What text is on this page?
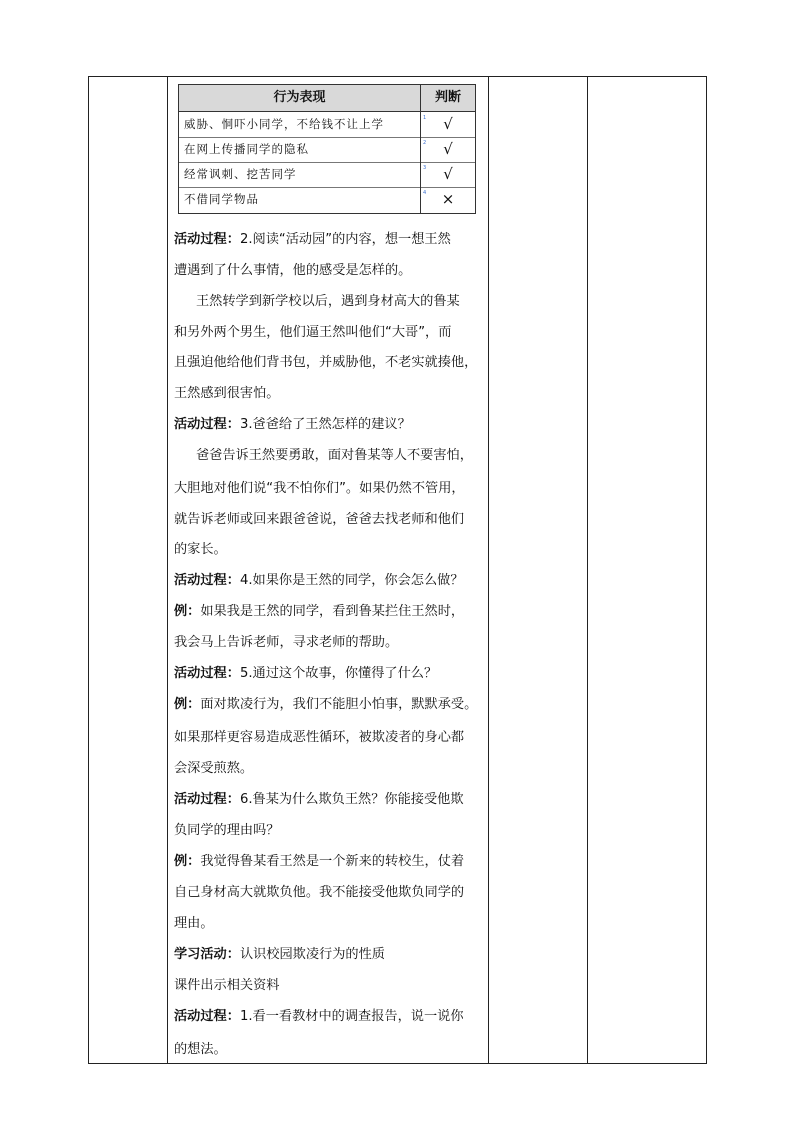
行为表现	判断
威胁、恫吓小同学，不给钱不让上学	1	√
在网上传播同学的隐私	2	√
经常讽刺、挖苦同学	3	√
不借同学物品	4	×
活动过程：2.阅读“活动园”的内容，想一想王然
遭遇到了什么事情，他的感受是怎样的。
王然转学到新学校以后，遇到身材高大的鲁某
和另外两个男生，他们逼王然叫他们“大哥”，而
且强迫他给他们背书包，并威胁他，不老实就揍他，
王然感到很害怕。
活动过程：3.爸爸给了王然怎样的建议？
爸爸告诉王然要勇敢，面对鲁某等人不要害怕，
大胆地对他们说“我不怕你们”。如果仍然不管用，
就告诉老师或回来跟爸爸说，爸爸去找老师和他们
的家长。
活动过程：4.如果你是王然的同学，你会怎么做？
例：如果我是王然的同学，看到鲁某拦住王然时，
我会马上告诉老师，寻求老师的帮助。
活动过程：5.通过这个故事，你懂得了什么？
例：面对欺凌行为，我们不能胆小怕事，默默承受。
如果那样更容易造成恶性循环，被欺凌者的身心都
会深受煎熬。
活动过程：6.鲁某为什么欺负王然？你能接受他欺
负同学的理由吗？
例：我觉得鲁某看王然是一个新来的转校生，仗着
自己身材高大就欺负他。我不能接受他欺负同学的
理由。
学习活动：认识校园欺凌行为的性质
课件出示相关资料
活动过程：1.看一看教材中的调查报告，说一说你
的想法。
